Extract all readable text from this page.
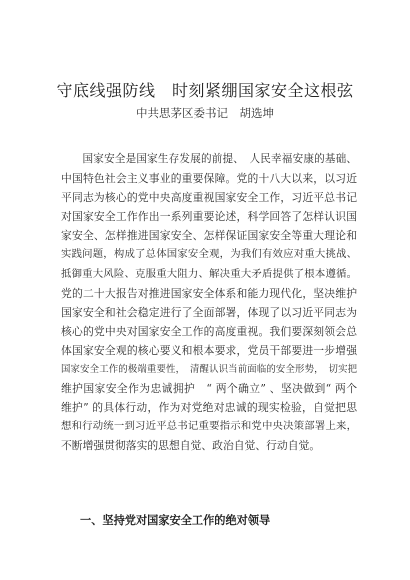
守底线强防线　时刻紧绷国家安全这根弦
中共思茅区委书记　胡选坤
　　国家安全是国家生存发展的前提、　人民幸福安康的基础、
中国特色社会主义事业的重要保障。党的十八大以来，以习近
平同志为核心的党中央高度重视国家安全工作，习近平总书记
对国家安全工作作出一系列重要论述，科学回答了怎样认识国
家安全、怎样推进国家安全、怎样保证国家安全等重大理论和
实践问题，构成了总体国家安全观，为我们有效应对重大挑战、
抵御重大风险、克服重大阻力、解决重大矛盾提供了根本遵循。
党的二十大报告对推进国家安全体系和能力现代化，坚决维护
国家安全和社会稳定进行了全面部署，体现了以习近平同志为
核心的党中央对国家安全工作的高度重视。我们要深刻领会总
体国家安全观的核心要义和根本要求，党员干部要进一步增强
国家安全工作的极端重要性，　清醒认识当前面临的安全形势，　切实把
维护国家安全作为忠诚拥护　“ 两个确立” 、坚决做到“ 两个
维护” 的具体行动，作为对党绝对忠诚的现实检验，自觉把思
想和行动统一到习近平总书记重要指示和党中央决策部署上来，
不断增强贯彻落实的思想自觉、政治自觉、行动自觉。
一、坚持党对国家安全工作的绝对领导
